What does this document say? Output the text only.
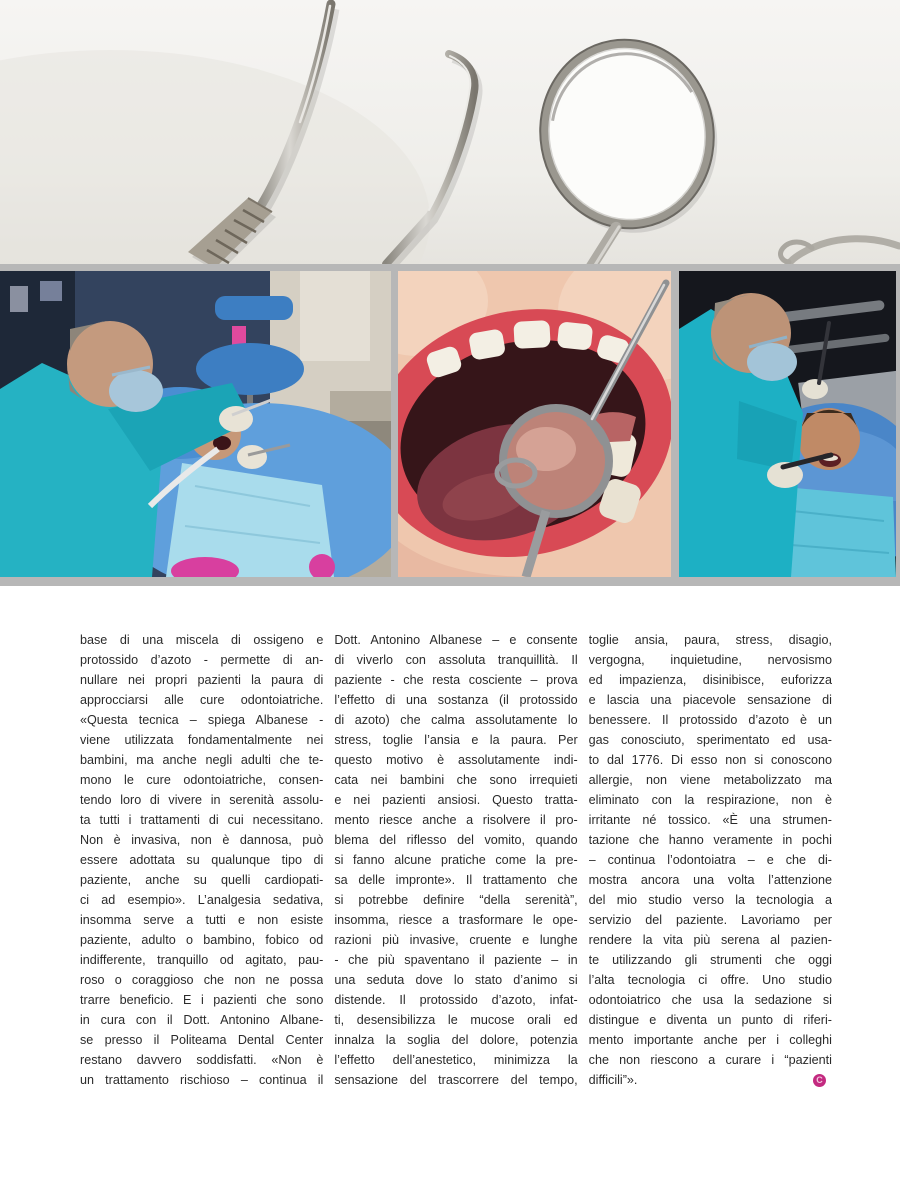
base di una miscela di ossigeno e
protossido d’azoto - permette di an-
nullare nei propri pazienti la paura di
approcciarsi alle cure odontoiatriche.
«Questa tecnica – spiega Albanese -
viene utilizzata fondamentalmente nei
bambini, ma anche negli adulti che te-
mono le cure odontoiatriche, consen-
tendo loro di vivere in serenità assolu-
ta tutti i trattamenti di cui necessitano.
Non è invasiva, non è dannosa, può
essere adottata su qualunque tipo di
paziente, anche su quelli cardiopati-
ci ad esempio». L’analgesia sedativa,
insomma serve a tutti e non esiste
paziente, adulto o bambino, fobico od
indifferente, tranquillo od agitato, pau-
roso o coraggioso che non ne possa
trarre beneficio. E i pazienti che sono
in cura con il Dott. Antonino Albane-
se presso il Politeama Dental Center
restano davvero soddisfatti. «Non è
un trattamento rischioso – continua il
Dott. Antonino Albanese – e consente
di viverlo con assoluta tranquillità. Il
paziente - che resta cosciente – prova
l’effetto di una sostanza (il protossido
di azoto) che calma assolutamente lo
stress, toglie l’ansia e la paura. Per
questo motivo è assolutamente indi-
cata nei bambini che sono irrequieti
e nei pazienti ansiosi. Questo tratta-
mento riesce anche a risolvere il pro-
blema del riflesso del vomito, quando
si fanno alcune pratiche come la pre-
sa delle impronte». Il trattamento che
si potrebbe definire “della serenità”,
insomma, riesce a trasformare le ope-
razioni più invasive, cruente e lunghe
- che più spaventano il paziente – in
una seduta dove lo stato d’animo si
distende. Il protossido d’azoto, infat-
ti, desensibilizza le mucose orali ed
innalza la soglia del dolore, potenzia
l’effetto dell’anestetico, minimizza la
sensazione del trascorrere del tempo,
toglie ansia, paura, stress, disagio,
vergogna, inquietudine, nervosismo
ed impazienza, disinibisce, euforizza
e lascia una piacevole sensazione di
benessere. Il protossido d’azoto è un
gas conosciuto, sperimentato ed usa-
to dal 1776. Di esso non si conoscono
allergie, non viene metabolizzato ma
eliminato con la respirazione, non è
irritante né tossico. «È una strumen-
tazione che hanno veramente in pochi
– continua l’odontoiatra – e che di-
mostra ancora una volta l’attenzione
del mio studio verso la tecnologia a
servizio del paziente. Lavoriamo per
rendere la vita più serena al pazien-
te utilizzando gli strumenti che oggi
l’alta tecnologia ci offre. Uno studio
odontoiatrico che usa la sedazione si
distingue e diventa un punto di riferi-
mento importante anche per i colleghi
che non riescono a curare i “pazienti
difficili”».	C
